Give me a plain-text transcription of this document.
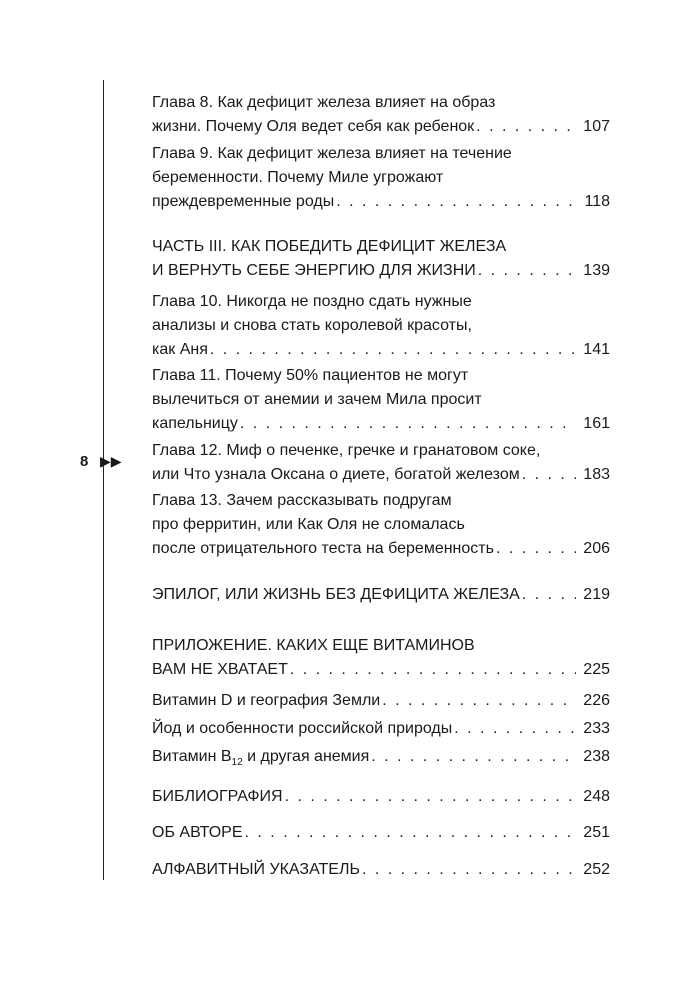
8 ▶▶
Глава 8. Как дефицит железа влияет на образ
жизни. Почему Оля ведет себя как ребенок . . .	107
Глава 9. Как дефицит железа влияет на течение
беременности. Почему Миле угрожают
преждевременные роды . . .	118
ЧАСТЬ III. КАК ПОБЕДИТЬ ДЕФИЦИТ ЖЕЛЕЗА
И ВЕРНУТЬ СЕБЕ ЭНЕРГИЮ ДЛЯ ЖИЗНИ . . .	139
Глава 10. Никогда не поздно сдать нужные
анализы и снова стать королевой красоты,
как Аня . . .	141
Глава 11. Почему 50% пациентов не могут
вылечиться от анемии и зачем Мила просит
капельницу . . .	161
Глава 12. Миф о печенке, гречке и гранатовом соке,
или Что узнала Оксана о диете, богатой железом . . .	183
Глава 13. Зачем рассказывать подругам
про ферритин, или Как Оля не сломалась
после отрицательного теста на беременность . . .	206
ЭПИЛОГ, ИЛИ ЖИЗНЬ БЕЗ ДЕФИЦИТА ЖЕЛЕЗА . . .	219
ПРИЛОЖЕНИЕ. КАКИХ ЕЩЕ ВИТАМИНОВ
ВАМ НЕ ХВАТАЕТ . . .	225
Витамин D и география Земли . . .	226
Йод и особенности российской природы . . .	233
Витамин $B_{12}$ и другая анемия . . .	238
БИБЛИОГРАФИЯ . . .	248
ОБ АВТОРЕ . . .	251
АЛФАВИТНЫЙ УКАЗАТЕЛЬ . . .	252
